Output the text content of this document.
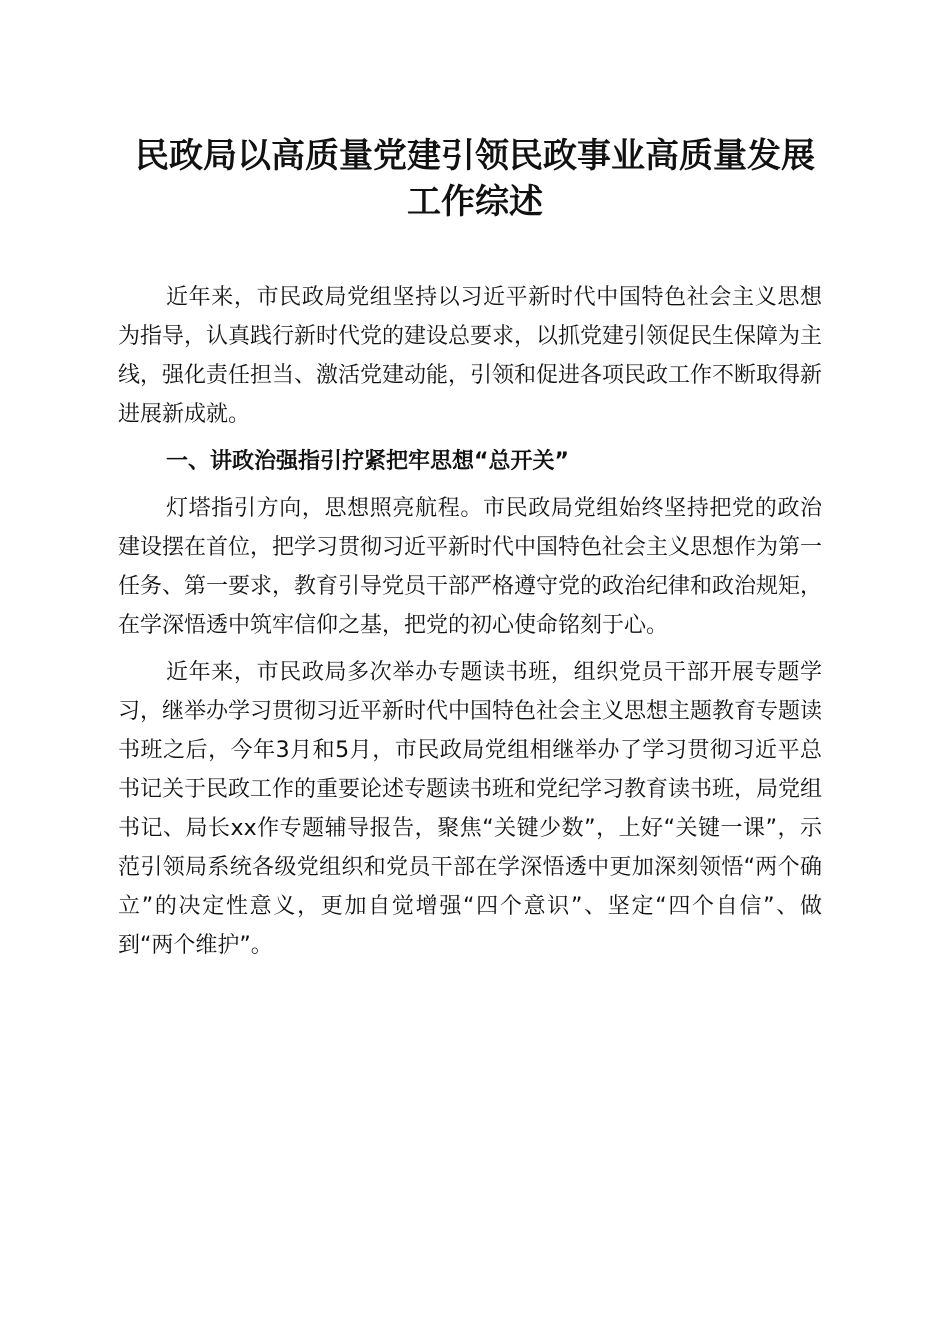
民政局以高质量党建引领民政事业高质量发展
工作综述

近年来，市民政局党组坚持以习近平新时代中国特色社会主义思想为指导，认真践行新时代党的建设总要求，以抓党建引领促民生保障为主线，强化责任担当、激活党建动能，引领和促进各项民政工作不断取得新进展新成就。

一、讲政治强指引拧紧把牢思想“总开关”

灯塔指引方向，思想照亮航程。市民政局党组始终坚持把党的政治建设摆在首位，把学习贯彻习近平新时代中国特色社会主义思想作为第一任务、第一要求，教育引导党员干部严格遵守党的政治纪律和政治规矩，在学深悟透中筑牢信仰之基，把党的初心使命铭刻于心。

近年来，市民政局多次举办专题读书班，组织党员干部开展专题学习，继举办学习贯彻习近平新时代中国特色社会主义思想主题教育专题读书班之后，今年3月和5月，市民政局党组相继举办了学习贯彻习近平总书记关于民政工作的重要论述专题读书班和党纪学习教育读书班，局党组书记、局长xx作专题辅导报告，聚焦“关键少数”，上好“关键一课”，示范引领局系统各级党组织和党员干部在学深悟透中更加深刻领悟“两个确立”的决定性意义，更加自觉增强“四个意识”、坚定“四个自信”、做到“两个维护”。
